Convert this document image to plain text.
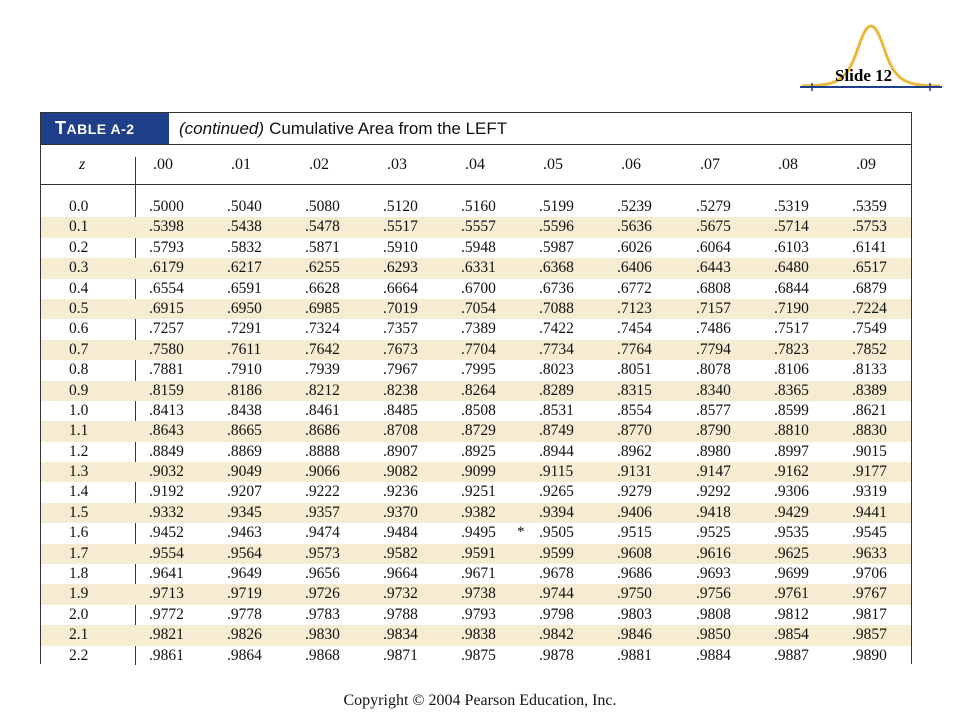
Slide 12
T ABLE A-2	(continued) Cumulative Area from the LEFT
z	.00	.01	.02	.03	.04	.05	.06	.07	.08	.09
0.0	.5000	.5040	.5080	.5120	.5160	.5199	.5239	.5279	.5319	.5359
0.1	.5398	.5438	.5478	.5517	.5557	.5596	.5636	.5675	.5714	.5753
0.2	.5793	.5832	.5871	.5910	.5948	.5987	.6026	.6064	.6103	.6141
0.3	.6179	.6217	.6255	.6293	.6331	.6368	.6406	.6443	.6480	.6517
0.4	.6554	.6591	.6628	.6664	.6700	.6736	.6772	.6808	.6844	.6879
0.5	.6915	.6950	.6985	.7019	.7054	.7088	.7123	.7157	.7190	.7224
0.6	.7257	.7291	.7324	.7357	.7389	.7422	.7454	.7486	.7517	.7549
0.7	.7580	.7611	.7642	.7673	.7704	.7734	.7764	.7794	.7823	.7852
0.8	.7881	.7910	.7939	.7967	.7995	.8023	.8051	.8078	.8106	.8133
0.9	.8159	.8186	.8212	.8238	.8264	.8289	.8315	.8340	.8365	.8389
1.0	.8413	.8438	.8461	.8485	.8508	.8531	.8554	.8577	.8599	.8621
1.1	.8643	.8665	.8686	.8708	.8729	.8749	.8770	.8790	.8810	.8830
1.2	.8849	.8869	.8888	.8907	.8925	.8944	.8962	.8980	.8997	.9015
1.3	.9032	.9049	.9066	.9082	.9099	.9115	.9131	.9147	.9162	.9177
1.4	.9192	.9207	.9222	.9236	.9251	.9265	.9279	.9292	.9306	.9319
1.5	.9332	.9345	.9357	.9370	.9382	.9394	.9406	.9418	.9429	.9441
1.6	.9452	.9463	.9474	.9484	.9495	.9505	.9515	.9525	.9535	.9545
*
1.7	.9554	.9564	.9573	.9582	.9591	.9599	.9608	.9616	.9625	.9633
1.8	.9641	.9649	.9656	.9664	.9671	.9678	.9686	.9693	.9699	.9706
1.9	.9713	.9719	.9726	.9732	.9738	.9744	.9750	.9756	.9761	.9767
2.0	.9772	.9778	.9783	.9788	.9793	.9798	.9803	.9808	.9812	.9817
2.1	.9821	.9826	.9830	.9834	.9838	.9842	.9846	.9850	.9854	.9857
2.2	.9861	.9864	.9868	.9871	.9875	.9878	.9881	.9884	.9887	.9890
Copyright © 2004 Pearson Education, Inc.
